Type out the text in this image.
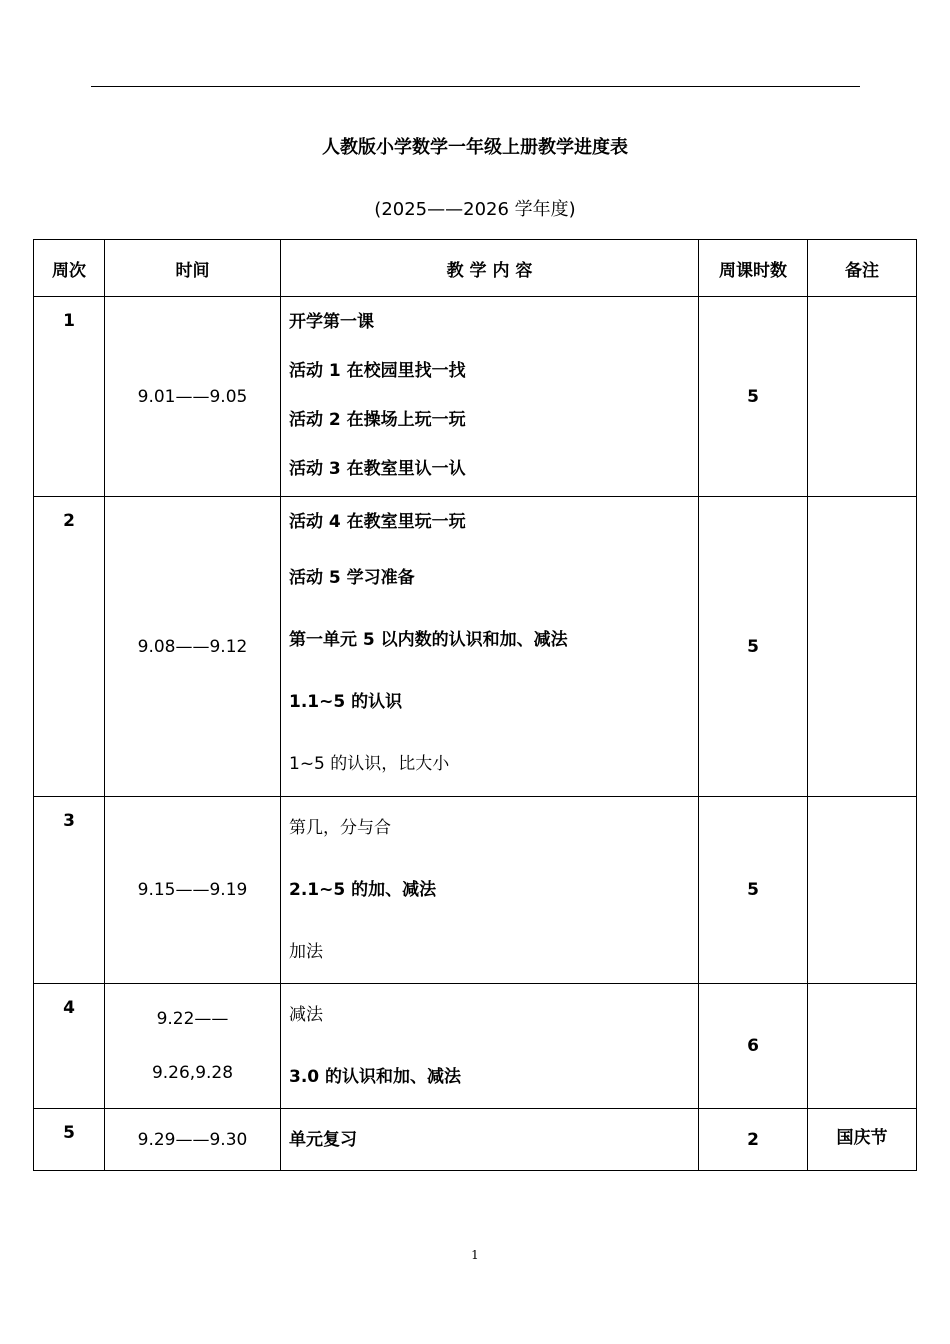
人教版小学数学一年级上册教学进度表
(2025——2026 学年度)
周次	时间	教 学 内 容	周课时数	备注
1	9.01——9.05	开学第一课
活动 1 在校园里找一找
活动 2 在操场上玩一玩
活动 3 在教室里认一认	5	
2	9.08——9.12	活动 4 在教室里玩一玩
活动 5 学习准备
第一单元 5 以内数的认识和加、减法
1.1~5 的认识
1~5 的认识，比大小	5	
3	9.15——9.19	第几，分与合
2.1~5 的加、减法
加法	5	
4	9.22——
9.26,9.28	减法
3.0 的认识和加、减法	6	
5	9.29——9.30	单元复习	2	国庆节
1
